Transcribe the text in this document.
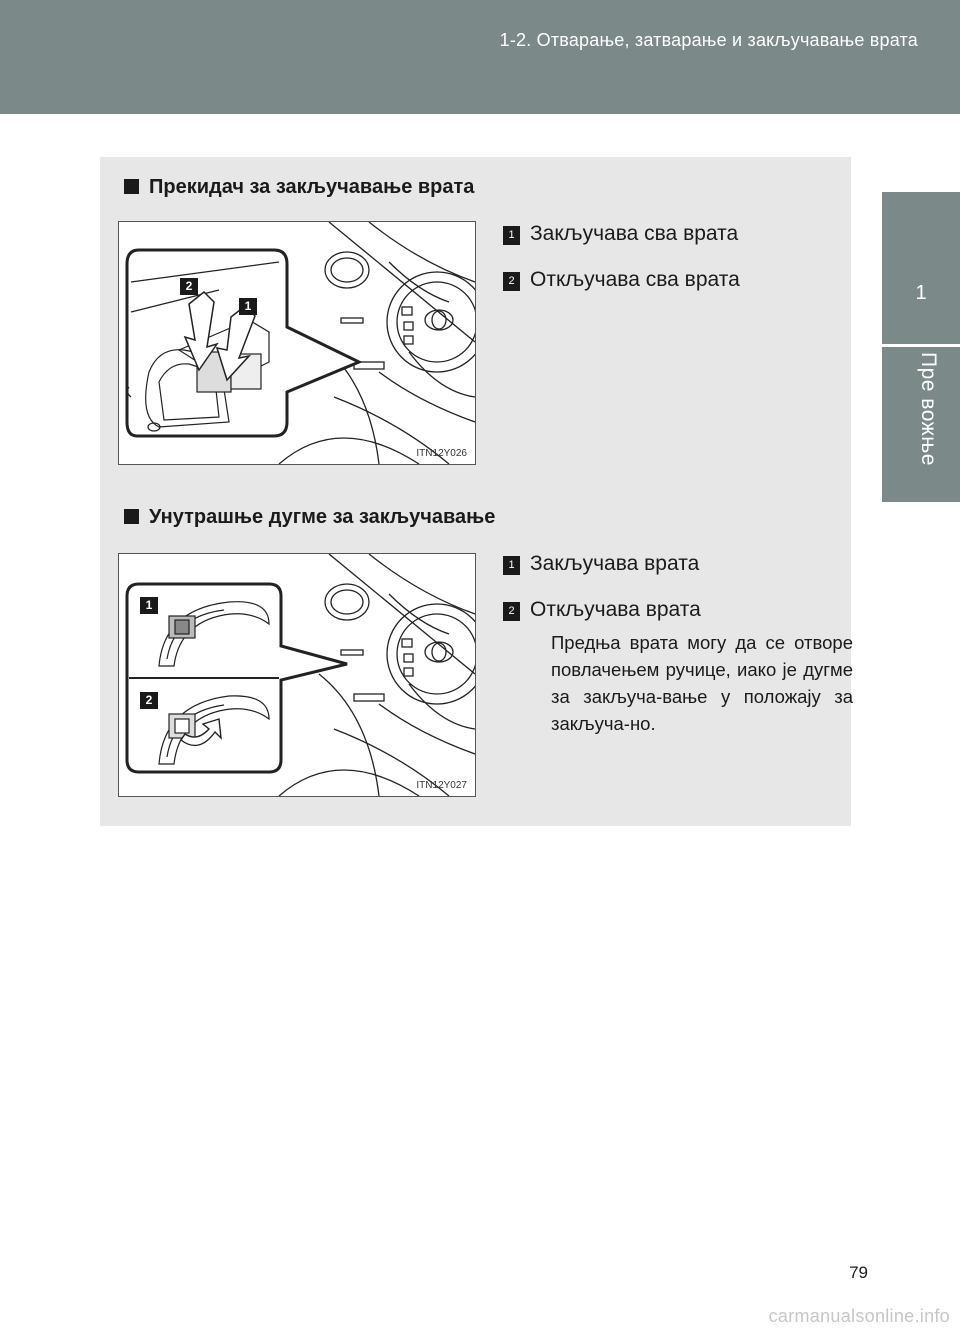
1-2. Отварање, затварање и закључавање врата
1
Пре вожње
Прекидач за закључавање врата
2
1
ITN12Y026
1 Закључава сва врата
2 Откључава сва врата
Унутрашње дугме за закључавање
1
2
ITN12Y027
1 Закључава врата
2 Откључава врата
Предња врата могу да се отворе повлачењем ручице, иако је дугме за закључа-вање у положају за закључа-но.
79
carmanualsonline.info
